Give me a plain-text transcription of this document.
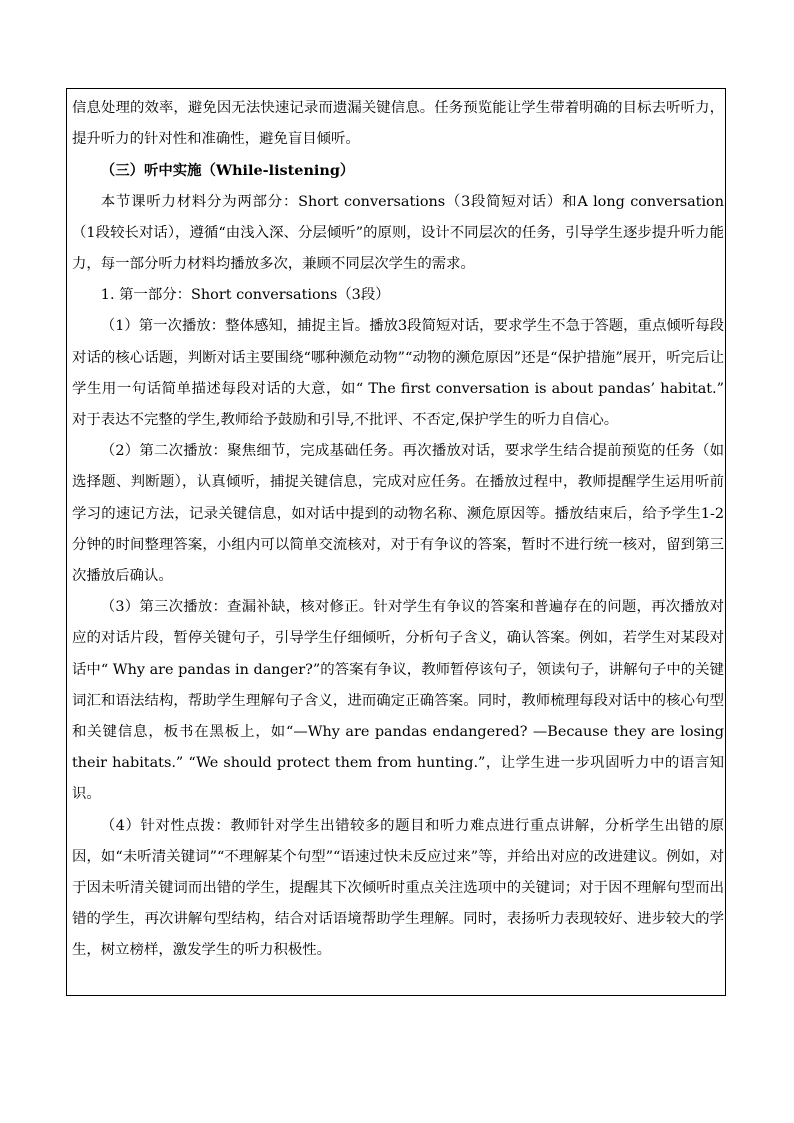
信息处理的效率，避免因无法快速记录而遗漏关键信息。任务预览能让学生带着明确的目标去听听力，提升听力的针对性和准确性，避免盲目倾听。

（三）听中实施（While-listening）

本节课听力材料分为两部分：Short conversations（3段简短对话）和A long conversation（1段较长对话），遵循“由浅入深、分层倾听”的原则，设计不同层次的任务，引导学生逐步提升听力能力，每一部分听力材料均播放多次，兼顾不同层次学生的需求。

1. 第一部分：Short conversations（3段）

（1）第一次播放：整体感知，捕捉主旨。播放3段简短对话，要求学生不急于答题，重点倾听每段对话的核心话题，判断对话主要围绕“哪种濒危动物”“动物的濒危原因”还是“保护措施”展开，听完后让学生用一句话简单描述每段对话的大意，如“ The first conversation is about pandas’ habitat.” 对于表达不完整的学生,教师给予鼓励和引导,不批评、不否定,保护学生的听力自信心。

（2）第二次播放：聚焦细节，完成基础任务。再次播放对话，要求学生结合提前预览的任务（如选择题、判断题），认真倾听，捕捉关键信息，完成对应任务。在播放过程中，教师提醒学生运用听前学习的速记方法，记录关键信息，如对话中提到的动物名称、濒危原因等。播放结束后，给予学生1-2分钟的时间整理答案，小组内可以简单交流核对，对于有争议的答案，暂时不进行统一核对，留到第三次播放后确认。

（3）第三次播放：查漏补缺，核对修正。针对学生有争议的答案和普遍存在的问题，再次播放对应的对话片段，暂停关键句子，引导学生仔细倾听，分析句子含义，确认答案。例如，若学生对某段对话中“ Why are pandas in danger?”的答案有争议，教师暂停该句子，领读句子，讲解句子中的关键词汇和语法结构，帮助学生理解句子含义，进而确定正确答案。同时，教师梳理每段对话中的核心句型和关键信息，板书在黑板上，如“—Why are pandas endangered? —Because they are losing their habitats.” “We should protect them from hunting.”，让学生进一步巩固听力中的语言知识。

（4）针对性点拨：教师针对学生出错较多的题目和听力难点进行重点讲解，分析学生出错的原因，如“未听清关键词”“不理解某个句型”“语速过快未反应过来”等，并给出对应的改进建议。例如，对于因未听清关键词而出错的学生，提醒其下次倾听时重点关注选项中的关键词；对于因不理解句型而出错的学生，再次讲解句型结构，结合对话语境帮助学生理解。同时，表扬听力表现较好、进步较大的学生，树立榜样，激发学生的听力积极性。
